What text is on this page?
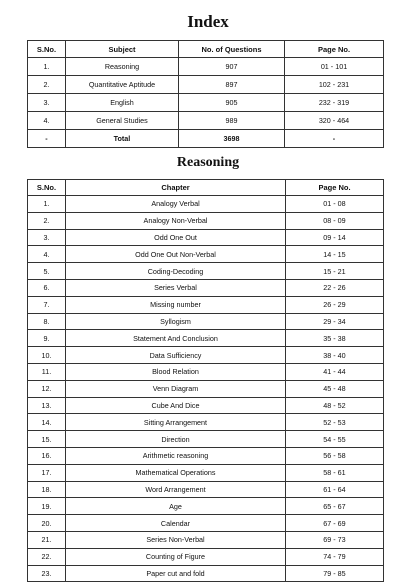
Index
S.No.	Subject	No. of Questions	Page No.
1.	Reasoning	907	01 - 101
2.	Quantitative Aptitude	897	102 - 231
3.	English	905	232 - 319
4.	General Studies	989	320 - 464
-	Total	3698	-
Reasoning
S.No.	Chapter	Page No.
1.	Analogy Verbal	01 - 08
2.	Analogy Non-Verbal	08 - 09
3.	Odd One Out	09 - 14
4.	Odd One Out Non-Verbal	14 - 15
5.	Coding-Decoding	15 - 21
6.	Series Verbal	22 - 26
7.	Missing number	26 - 29
8.	Syllogism	29 - 34
9.	Statement And Conclusion	35 - 38
10.	Data Sufficiency	38 - 40
11.	Blood Relation	41 - 44
12.	Venn Diagram	45 - 48
13.	Cube And Dice	48 - 52
14.	Sitting Arrangement	52 - 53
15.	Direction	54 - 55
16.	Arithmetic reasoning	56 - 58
17.	Mathematical Operations	58 - 61
18.	Word Arrangement	61 - 64
19.	Age	65 - 67
20.	Calendar	67 - 69
21.	Series Non-Verbal	69 - 73
22.	Counting of Figure	74 - 79
23.	Paper cut and fold	79 - 85
